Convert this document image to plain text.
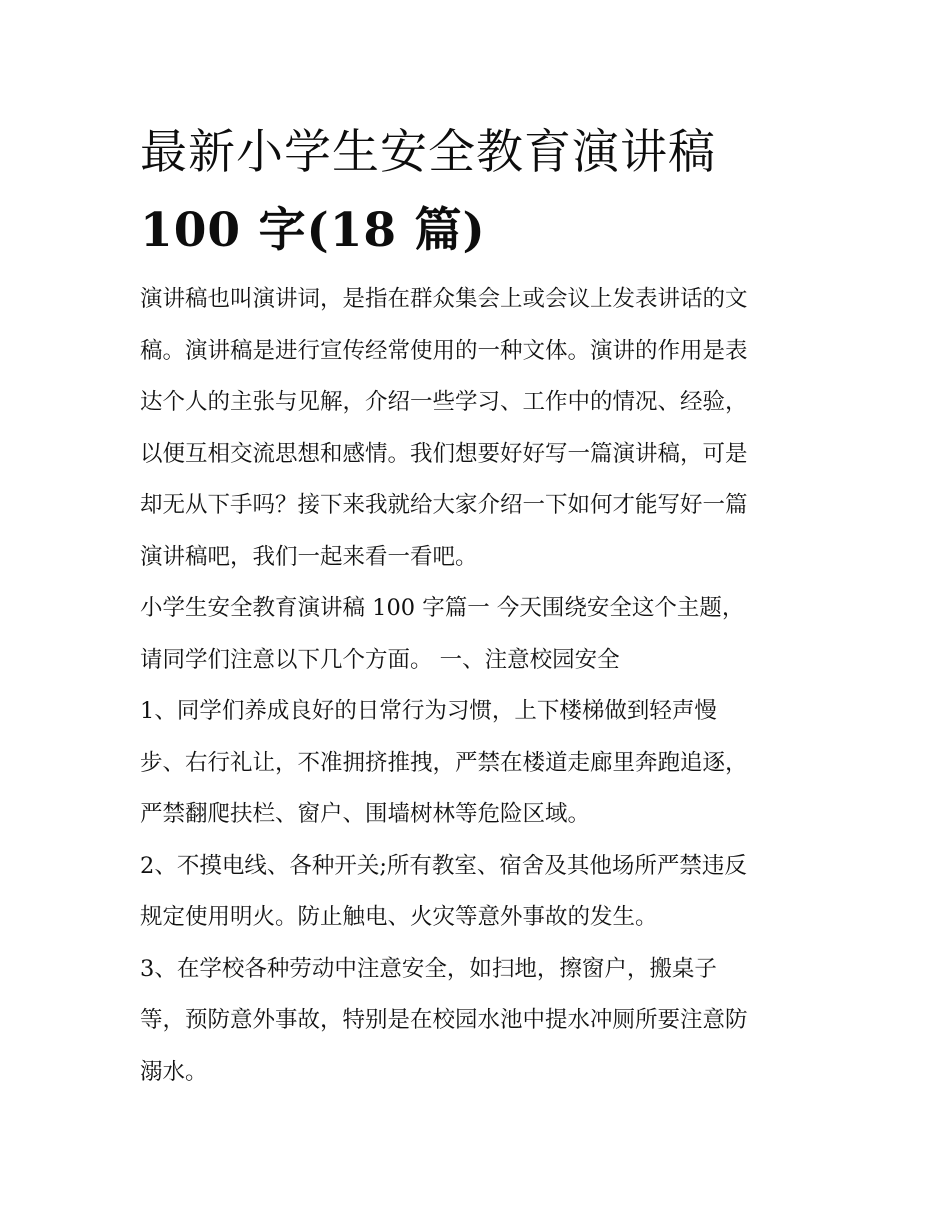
最新小学生安全教育演讲稿
100 字(18 篇)

演讲稿也叫演讲词，是指在群众集会上或会议上发表讲话的文
稿。演讲稿是进行宣传经常使用的一种文体。演讲的作用是表
达个人的主张与见解，介绍一些学习、工作中的情况、经验，
以便互相交流思想和感情。我们想要好好写一篇演讲稿，可是
却无从下手吗？接下来我就给大家介绍一下如何才能写好一篇
演讲稿吧，我们一起来看一看吧。

小学生安全教育演讲稿 100 字篇一 今天围绕安全这个主题，
请同学们注意以下几个方面。 一、注意校园安全

1、同学们养成良好的日常行为习惯，上下楼梯做到轻声慢
步、右行礼让，不准拥挤推拽，严禁在楼道走廊里奔跑追逐，
严禁翻爬扶栏、窗户、围墙树林等危险区域。

2、不摸电线、各种开关;所有教室、宿舍及其他场所严禁违反
规定使用明火。防止触电、火灾等意外事故的发生。

3、在学校各种劳动中注意安全，如扫地，擦窗户，搬桌子
等，预防意外事故，特别是在校园水池中提水冲厕所要注意防
溺水。
